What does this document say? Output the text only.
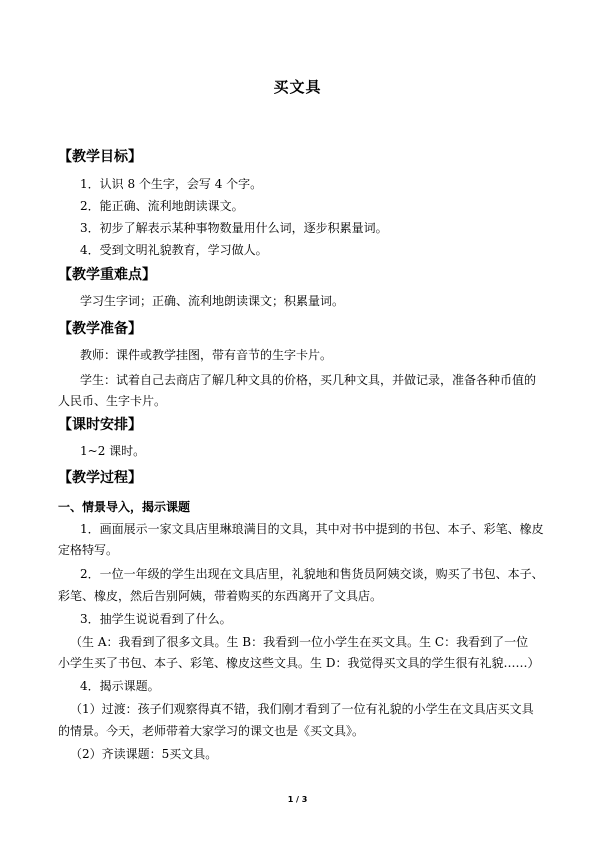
买文具
【教学目标】
1．认识 8 个生字，会写 4 个字。
2．能正确、流利地朗读课文。
3．初步了解表示某种事物数量用什么词，逐步积累量词。
4．受到文明礼貌教育，学习做人。
【教学重难点】
学习生字词；正确、流利地朗读课文；积累量词。
【教学准备】
教师：课件或教学挂图，带有音节的生字卡片。
学生：试着自己去商店了解几种文具的价格，买几种文具，并做记录，准备各种币值的
人民币、生字卡片。
【课时安排】
1~2 课时。
【教学过程】
一、情景导入，揭示课题
1．画面展示一家文具店里琳琅满目的文具，其中对书中提到的书包、本子、彩笔、橡皮
定格特写。
2．一位一年级的学生出现在文具店里，礼貌地和售货员阿姨交谈，购买了书包、本子、
彩笔、橡皮，然后告别阿姨，带着购买的东西离开了文具店。
3．抽学生说说看到了什么。
（生 A：我看到了很多文具。生 B：我看到一位小学生在买文具。生 C：我看到了一位
小学生买了书包、本子、彩笔、橡皮这些文具。生 D：我觉得买文具的学生很有礼貌……）
4．揭示课题。
（1）过渡：孩子们观察得真不错，我们刚才看到了一位有礼貌的小学生在文具店买文具
的情景。今天，老师带着大家学习的课文也是《买文具》。
（2）齐读课题：5买文具。
1 / 3
